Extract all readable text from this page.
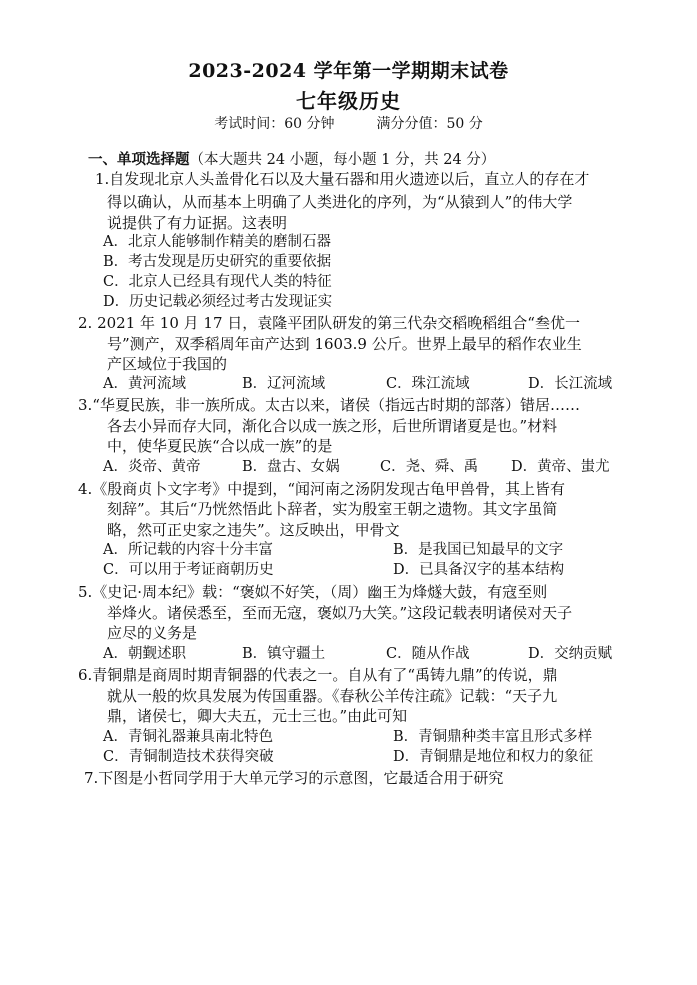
2023-2024 学年第一学期期末试卷
七年级历史
考试时间：60 分钟	满分分值：50 分
一、单项选择题（本大题共 24 小题，每小题 1 分，共 24 分）
1.自发现北京人头盖骨化石以及大量石器和用火遗迹以后，直立人的存在才
得以确认，从而基本上明确了人类进化的序列，为“从猿到人”的伟大学
说提供了有力证据。这表明
A．北京人能够制作精美的磨制石器
B．考古发现是历史研究的重要依据
C．北京人已经具有现代人类的特征
D．历史记载必须经过考古发现证实
2. 2021 年 10 月 17 日，袁隆平团队研发的第三代杂交稻晚稻组合“叁优一
号”测产，双季稻周年亩产达到 1603.9 公斤。世界上最早的稻作农业生
产区域位于我国的
A．黄河流域	B．辽河流域	C．珠江流域	D．长江流域
3.“华夏民族，非一族所成。太古以来，诸侯（指远古时期的部落）错居……
各去小异而存大同，渐化合以成一族之形，后世所谓诸夏是也。”材料
中，使华夏民族“合以成一族”的是
A．炎帝、黄帝	B．盘古、女娲	C．尧、舜、禹 D．黄帝、蚩尤
4.《殷商贞卜文字考》中提到，“闻河南之汤阴发现古龟甲兽骨，其上皆有
刻辞”。其后“乃恍然悟此卜辞者，实为殷室王朝之遗物。其文字虽简
略，然可正史家之违失”。这反映出，甲骨文
A．所记载的内容十分丰富	B．是我国已知最早的文字
C．可以用于考证商朝历史	D．已具备汉字的基本结构
5.《史记·周本纪》载：“褒姒不好笑，（周）幽王为烽燧大鼓，有寇至则
举烽火。诸侯悉至，至而无寇，褒姒乃大笑。”这段记载表明诸侯对天子
应尽的义务是
A．朝觐述职	B．镇守疆土	C．随从作战	D．交纳贡赋
6.青铜鼎是商周时期青铜器的代表之一。自从有了“禹铸九鼎”的传说，鼎
就从一般的炊具发展为传国重器。《春秋公羊传注疏》记载：“天子九
鼎，诸侯七，卿大夫五，元士三也。”由此可知
A．青铜礼器兼具南北特色	B．青铜鼎种类丰富且形式多样
C．青铜制造技术获得突破	D．青铜鼎是地位和权力的象征
7.下图是小哲同学用于大单元学习的示意图，它最适合用于研究
